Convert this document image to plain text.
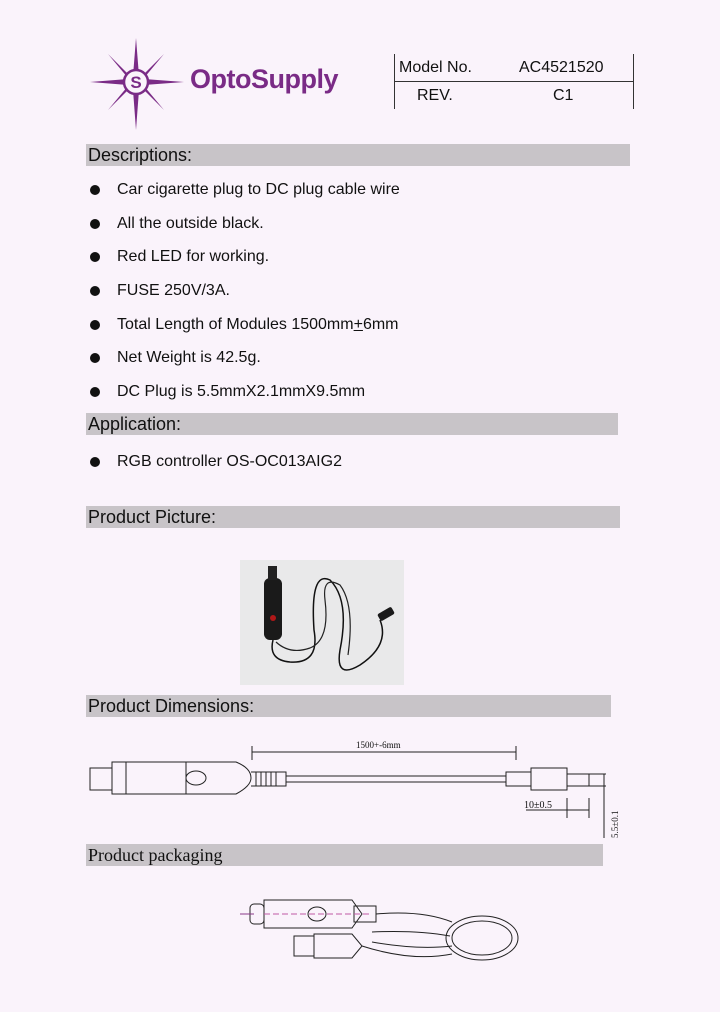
S OptoSupply	Model No.	AC4521520
REV.	C1
Descriptions:
Car cigarette plug to DC plug cable wire
All the outside black.
Red LED for working.
FUSE 250V/3A.
Total Length of Modules 1500mm+6mm
Net Weight is 42.5g.
DC Plug is 5.5mmX2.1mmX9.5mm
Application:
RGB controller OS-OC013AIG2
Product Picture:
Product Dimensions:
1500+-6mm
10±0.5
5.5±0.1
Product packaging
